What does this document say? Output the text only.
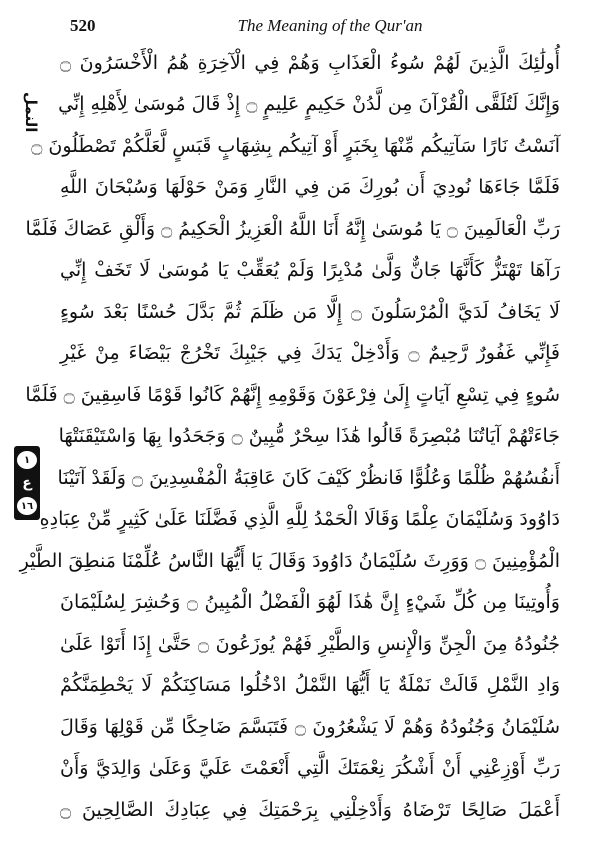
520	The Meaning of the Qur'an
النمل
١
ع
١٦
أُولَٰئِكَ الَّذِينَ لَهُمْ سُوءُ الْعَذَابِ وَهُمْ فِي الْآخِرَةِ هُمُ الْأَخْسَرُونَ ۝
وَإِنَّكَ لَتُلَقَّى الْقُرْآنَ مِن لَّدُنْ حَكِيمٍ عَلِيمٍ ۝ إِذْ قَالَ مُوسَىٰ لِأَهْلِهِ إِنِّي
آنَسْتُ نَارًا سَآتِيكُم مِّنْهَا بِخَبَرٍ أَوْ آتِيكُم بِشِهَابٍ قَبَسٍ لَّعَلَّكُمْ تَصْطَلُونَ ۝
فَلَمَّا جَاءَهَا نُودِيَ أَن بُورِكَ مَن فِي النَّارِ وَمَنْ حَوْلَهَا وَسُبْحَانَ اللَّهِ
رَبِّ الْعَالَمِينَ ۝ يَا مُوسَىٰ إِنَّهُ أَنَا اللَّهُ الْعَزِيزُ الْحَكِيمُ ۝ وَأَلْقِ عَصَاكَ فَلَمَّا
رَآهَا تَهْتَزُّ كَأَنَّهَا جَانٌّ وَلَّىٰ مُدْبِرًا وَلَمْ يُعَقِّبْ يَا مُوسَىٰ لَا تَخَفْ إِنِّي
لَا يَخَافُ لَدَيَّ الْمُرْسَلُونَ ۝ إِلَّا مَن ظَلَمَ ثُمَّ بَدَّلَ حُسْنًا بَعْدَ سُوءٍ
فَإِنِّي غَفُورٌ رَّحِيمٌ ۝ وَأَدْخِلْ يَدَكَ فِي جَيْبِكَ تَخْرُجْ بَيْضَاءَ مِنْ غَيْرِ
سُوءٍ فِي تِسْعِ آيَاتٍ إِلَىٰ فِرْعَوْنَ وَقَوْمِهِ إِنَّهُمْ كَانُوا قَوْمًا فَاسِقِينَ ۝ فَلَمَّا
جَاءَتْهُمْ آيَاتُنَا مُبْصِرَةً قَالُوا هَٰذَا سِحْرٌ مُّبِينٌ ۝ وَجَحَدُوا بِهَا وَاسْتَيْقَنَتْهَا
أَنفُسُهُمْ ظُلْمًا وَعُلُوًّا فَانظُرْ كَيْفَ كَانَ عَاقِبَةُ الْمُفْسِدِينَ ۝ وَلَقَدْ آتَيْنَا
دَاوُودَ وَسُلَيْمَانَ عِلْمًا وَقَالَا الْحَمْدُ لِلَّهِ الَّذِي فَضَّلَنَا عَلَىٰ كَثِيرٍ مِّنْ عِبَادِهِ
الْمُؤْمِنِينَ ۝ وَوَرِثَ سُلَيْمَانُ دَاوُودَ وَقَالَ يَا أَيُّهَا النَّاسُ عُلِّمْنَا مَنطِقَ الطَّيْرِ
وَأُوتِينَا مِن كُلِّ شَيْءٍ إِنَّ هَٰذَا لَهُوَ الْفَضْلُ الْمُبِينُ ۝ وَحُشِرَ لِسُلَيْمَانَ
جُنُودُهُ مِنَ الْجِنِّ وَالْإِنسِ وَالطَّيْرِ فَهُمْ يُوزَعُونَ ۝ حَتَّىٰ إِذَا أَتَوْا عَلَىٰ
وَادِ النَّمْلِ قَالَتْ نَمْلَةٌ يَا أَيُّهَا النَّمْلُ ادْخُلُوا مَسَاكِنَكُمْ لَا يَحْطِمَنَّكُمْ
سُلَيْمَانُ وَجُنُودُهُ وَهُمْ لَا يَشْعُرُونَ ۝ فَتَبَسَّمَ ضَاحِكًا مِّن قَوْلِهَا وَقَالَ
رَبِّ أَوْزِعْنِي أَنْ أَشْكُرَ نِعْمَتَكَ الَّتِي أَنْعَمْتَ عَلَيَّ وَعَلَىٰ وَالِدَيَّ وَأَنْ
أَعْمَلَ صَالِحًا تَرْضَاهُ وَأَدْخِلْنِي بِرَحْمَتِكَ فِي عِبَادِكَ الصَّالِحِينَ ۝
